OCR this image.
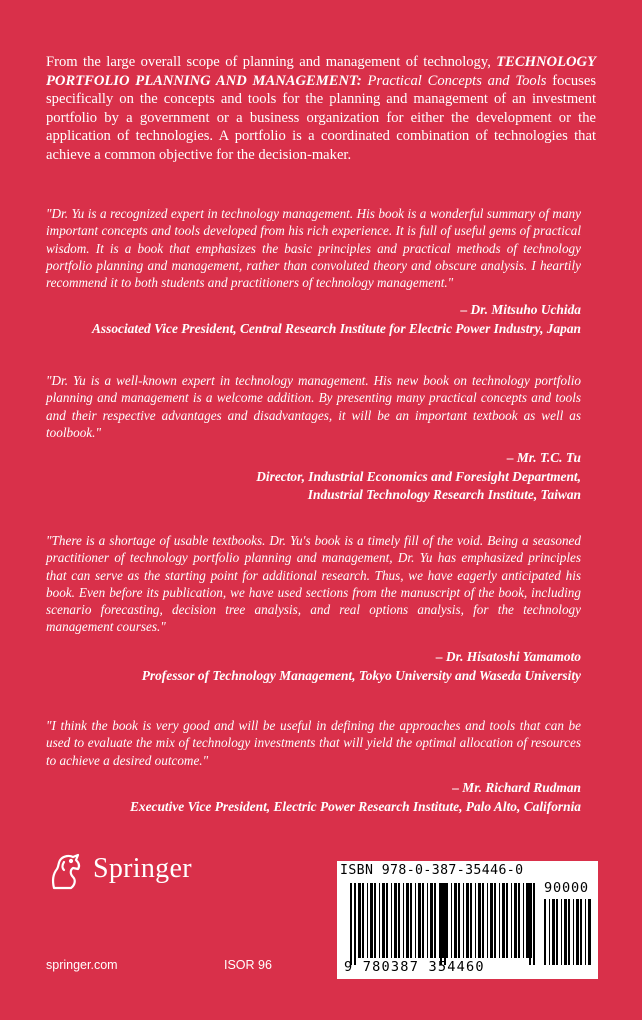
From the large overall scope of planning and management of technology, TECHNOLOGY PORTFOLIO PLANNING AND MANAGEMENT: Practical Concepts and Tools focuses specifically on the concepts and tools for the planning and management of an investment portfolio by a government or a business organization for either the development or the application of technologies. A portfolio is a coordinated combination of technologies that achieve a common objective for the decision-maker.

"Dr. Yu is a recognized expert in technology management. His book is a wonderful summary of many important concepts and tools developed from his rich experience. It is full of useful gems of practical wisdom. It is a book that emphasizes the basic principles and practical methods of technology portfolio planning and management, rather than convoluted theory and obscure analysis. I heartily recommend it to both students and practitioners of technology management."

– Dr. Mitsuho Uchida
Associated Vice President, Central Research Institute for Electric Power Industry, Japan

"Dr. Yu is a well-known expert in technology management. His new book on technology portfolio planning and management is a welcome addition. By presenting many practical concepts and tools and their respective advantages and disadvantages, it will be an important textbook as well as toolbook."

– Mr. T.C. Tu
Director, Industrial Economics and Foresight Department,
Industrial Technology Research Institute, Taiwan

"There is a shortage of usable textbooks. Dr. Yu's book is a timely fill of the void. Being a seasoned practitioner of technology portfolio planning and management, Dr. Yu has emphasized principles that can serve as the starting point for additional research. Thus, we have eagerly anticipated his book. Even before its publication, we have used sections from the manuscript of the book, including scenario forecasting, decision tree analysis, and real options analysis, for the technology management courses."

– Dr. Hisatoshi Yamamoto
Professor of Technology Management, Tokyo University and Waseda University

"I think the book is very good and will be useful in defining the approaches and tools that can be used to evaluate the mix of technology investments that will yield the optimal allocation of resources to achieve a desired outcome."

– Mr. Richard Rudman
Executive Vice President, Electric Power Research Institute, Palo Alto, California
Springer
springer.com	ISOR 96
ISBN 978-0-387-35446-0
90000
9 780387 354460
